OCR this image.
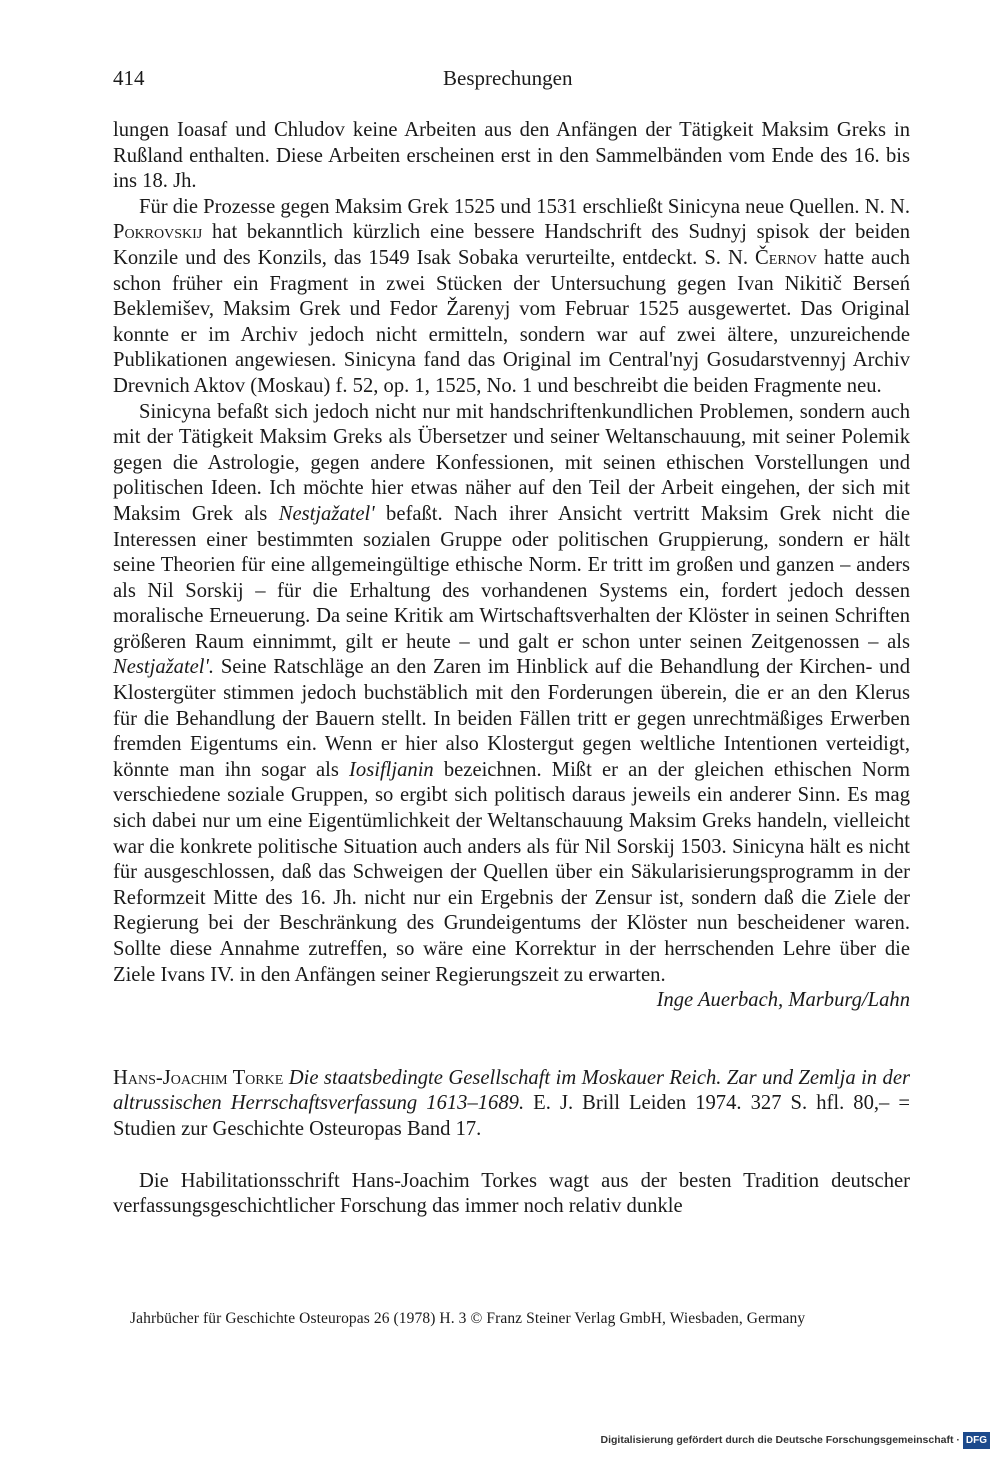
414	Besprechungen

lungen Ioasaf und Chludov keine Arbeiten aus den Anfängen der Tätigkeit Maksim Greks in Rußland enthalten. Diese Arbeiten erscheinen erst in den Sammelbänden vom Ende des 16. bis ins 18. Jh.

Für die Prozesse gegen Maksim Grek 1525 und 1531 erschließt Sinicyna neue Quellen. N. N. Pokrovskij hat bekanntlich kürzlich eine bessere Handschrift des Sudnyj spisok der beiden Konzile und des Konzils, das 1549 Isak Sobaka verurteilte, entdeckt. S. N. Černov hatte auch schon früher ein Fragment in zwei Stücken der Untersuchung gegen Ivan Nikitič Berseń Beklemišev, Maksim Grek und Fedor Žarenyj vom Februar 1525 ausgewertet. Das Original konnte er im Archiv jedoch nicht ermitteln, sondern war auf zwei ältere, unzureichende Publikationen angewiesen. Sinicyna fand das Original im Central'nyj Gosudarstvennyj Archiv Drevnich Aktov (Moskau) f. 52, op. 1, 1525, No. 1 und beschreibt die beiden Fragmente neu.

Sinicyna befaßt sich jedoch nicht nur mit handschriftenkundlichen Problemen, sondern auch mit der Tätigkeit Maksim Greks als Übersetzer und seiner Weltanschauung, mit seiner Polemik gegen die Astrologie, gegen andere Konfessionen, mit seinen ethischen Vorstellungen und politischen Ideen. Ich möchte hier etwas näher auf den Teil der Arbeit eingehen, der sich mit Maksim Grek als Nestjažatel' befaßt. Nach ihrer Ansicht vertritt Maksim Grek nicht die Interessen einer bestimmten sozialen Gruppe oder politischen Gruppierung, sondern er hält seine Theorien für eine allgemeingültige ethische Norm. Er tritt im großen und ganzen – anders als Nil Sorskij – für die Erhaltung des vorhandenen Systems ein, fordert jedoch dessen moralische Erneuerung. Da seine Kritik am Wirtschaftsverhalten der Klöster in seinen Schriften größeren Raum einnimmt, gilt er heute – und galt er schon unter seinen Zeitgenossen – als Nestjažatel'. Seine Ratschläge an den Zaren im Hinblick auf die Behandlung der Kirchen- und Klostergüter stimmen jedoch buchstäblich mit den Forderungen überein, die er an den Klerus für die Behandlung der Bauern stellt. In beiden Fällen tritt er gegen unrechtmäßiges Erwerben fremden Eigentums ein. Wenn er hier also Klostergut gegen weltliche Intentionen verteidigt, könnte man ihn sogar als Iosifljanin bezeichnen. Mißt er an der gleichen ethischen Norm verschiedene soziale Gruppen, so ergibt sich politisch daraus jeweils ein anderer Sinn. Es mag sich dabei nur um eine Eigentümlichkeit der Weltanschauung Maksim Greks handeln, vielleicht war die konkrete politische Situation auch anders als für Nil Sorskij 1503. Sinicyna hält es nicht für ausgeschlossen, daß das Schweigen der Quellen über ein Säkularisierungsprogramm in der Reformzeit Mitte des 16. Jh. nicht nur ein Ergebnis der Zensur ist, sondern daß die Ziele der Regierung bei der Beschränkung des Grundeigentums der Klöster nun bescheidener waren. Sollte diese Annahme zutreffen, so wäre eine Korrektur in der herrschenden Lehre über die Ziele Ivans IV. in den Anfängen seiner Regierungszeit zu erwarten.

Inge Auerbach, Marburg/Lahn

Hans-Joachim Torke Die staatsbedingte Gesellschaft im Moskauer Reich. Zar und Zemlja in der altrussischen Herrschaftsverfassung 1613–1689. E. J. Brill Leiden 1974. 327 S. hfl. 80,– = Studien zur Geschichte Osteuropas Band 17.

Die Habilitationsschrift Hans-Joachim Torkes wagt aus der besten Tradition deutscher verfassungsgeschichtlicher Forschung das immer noch relativ dunkle

Jahrbücher für Geschichte Osteuropas 26 (1978) H. 3 © Franz Steiner Verlag GmbH, Wiesbaden, Germany
Digitalisierung gefördert durch die Deutsche Forschungsgemeinschaft · DFG
